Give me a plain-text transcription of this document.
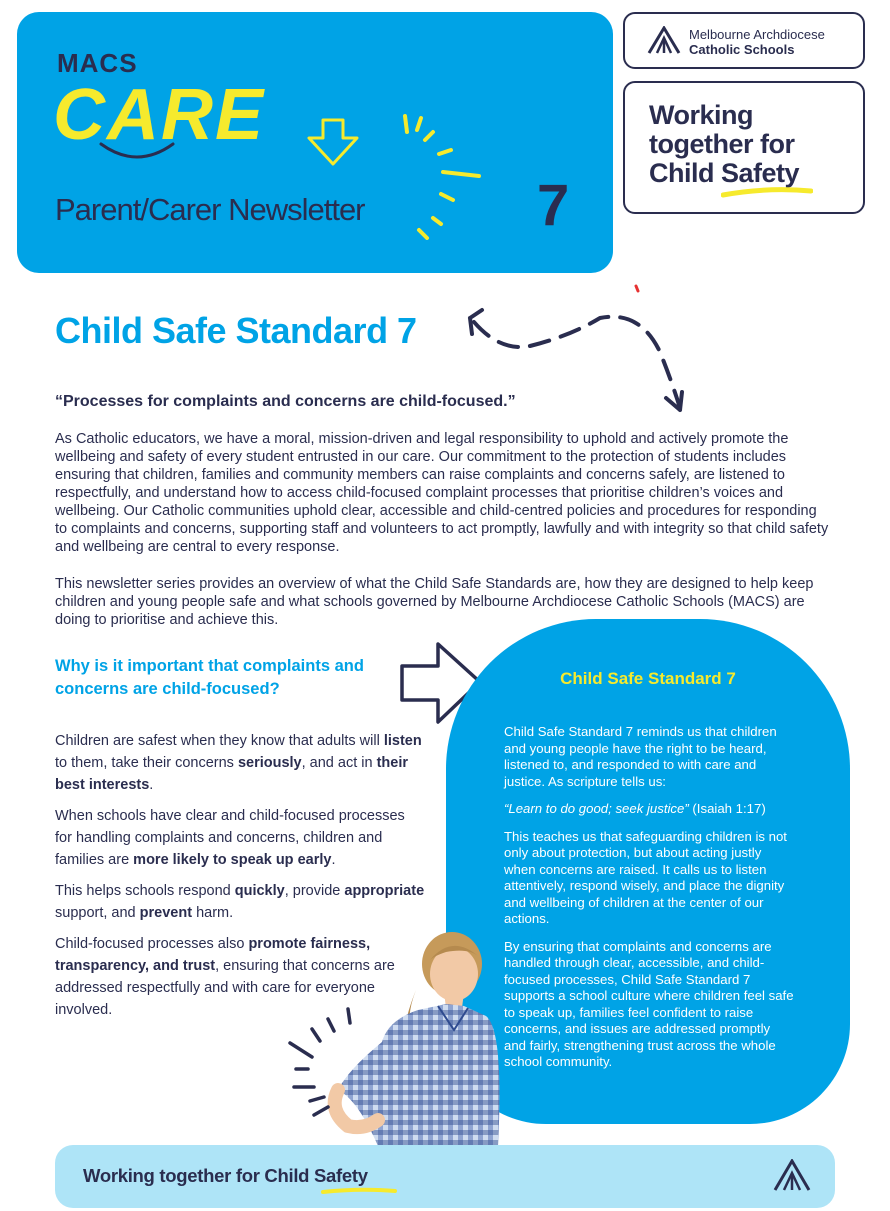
MACS
CARE
Parent/Carer Newsletter	7
Melbourne Archdiocese
Catholic Schools
Working
together for
Child Safety
Child Safe Standard 7
“Processes for complaints and concerns are child-focused.”

As Catholic educators, we have a moral, mission-driven and legal responsibility to uphold and actively promote the wellbeing and safety of every student entrusted in our care. Our commitment to the protection of students includes ensuring that children, families and community members can raise complaints and concerns safely, are listened to respectfully, and understand how to access child-focused complaint processes that prioritise children’s voices and wellbeing. Our Catholic communities uphold clear, accessible and child-centred policies and procedures for responding to complaints and concerns, supporting staff and volunteers to act promptly, lawfully and with integrity so that child safety and wellbeing are central to every response.

This newsletter series provides an overview of what the Child Safe Standards are, how they are designed to help keep children and young people safe and what schools governed by Melbourne Archdiocese Catholic Schools (MACS) are doing to prioritise and achieve this.

Why is it important that complaints and concerns are child-focused?

Children are safest when they know that adults will listen to them, take their concerns seriously, and act in their best interests.

When schools have clear and child-focused processes for handling complaints and concerns, children and families are more likely to speak up early.

This helps schools respond quickly, provide appropriate support, and prevent harm.

Child-focused processes also promote fairness, transparency, and trust, ensuring that concerns are addressed respectfully and with care for everyone involved.

Child Safe Standard 7

Child Safe Standard 7 reminds us that children and young people have the right to be heard, listened to, and responded to with care and justice. As scripture tells us:

“Learn to do good; seek justice” (Isaiah 1:17)

This teaches us that safeguarding children is not only about protection, but about acting justly when concerns are raised. It calls us to listen attentively, respond wisely, and place the dignity and wellbeing of children at the center of our actions.

By ensuring that complaints and concerns are handled through clear, accessible, and child-focused processes, Child Safe Standard 7 supports a school culture where children feel safe to speak up, families feel confident to raise concerns, and issues are addressed promptly and fairly, strengthening trust across the whole school community.

Working together for Child Safety
